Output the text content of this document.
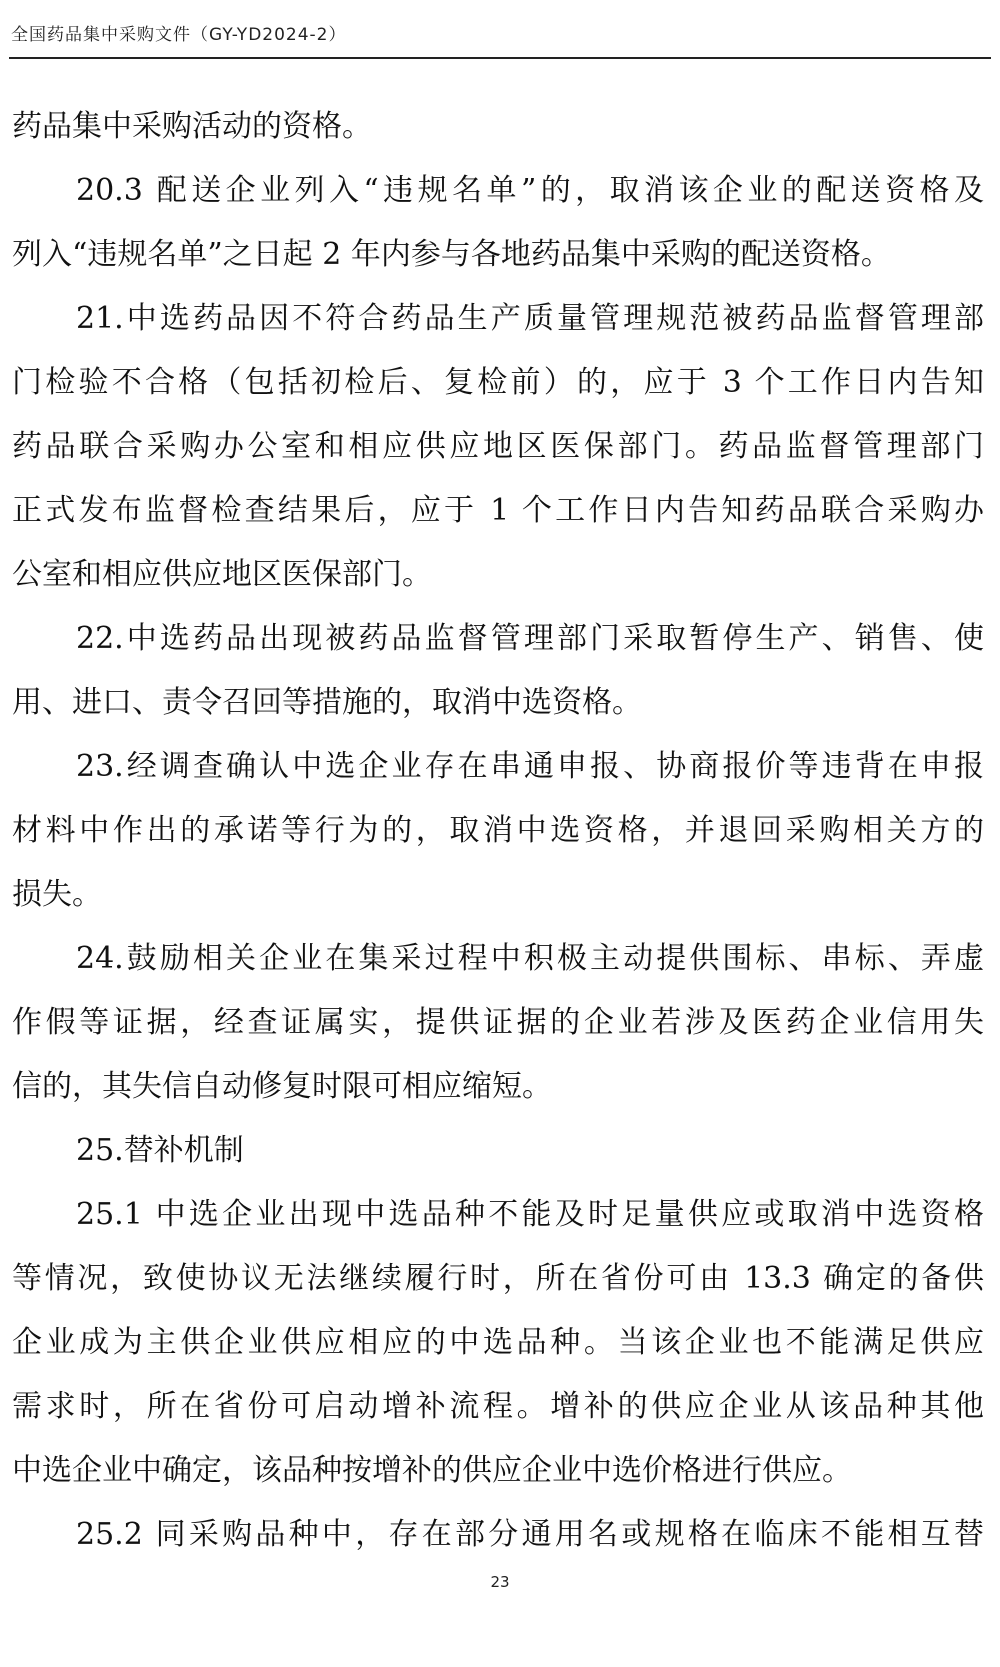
全国药品集中采购文件（GY-YD2024-2）
药品集中采购活动的资格。
20.3 配送企业列入“违规名单”的，取消该企业的配送资格及
列入“违规名单”之日起 2 年内参与各地药品集中采购的配送资格。
21.中选药品因不符合药品生产质量管理规范被药品监督管理部
门检验不合格（包括初检后、复检前）的，应于 3 个工作日内告知
药品联合采购办公室和相应供应地区医保部门。药品监督管理部门
正式发布监督检查结果后，应于 1 个工作日内告知药品联合采购办
公室和相应供应地区医保部门。
22.中选药品出现被药品监督管理部门采取暂停生产、销售、使
用、进口、责令召回等措施的，取消中选资格。
23.经调查确认中选企业存在串通申报、协商报价等违背在申报
材料中作出的承诺等行为的，取消中选资格，并退回采购相关方的
损失。
24.鼓励相关企业在集采过程中积极主动提供围标、串标、弄虚
作假等证据，经查证属实，提供证据的企业若涉及医药企业信用失
信的，其失信自动修复时限可相应缩短。
25.替补机制
25.1 中选企业出现中选品种不能及时足量供应或取消中选资格
等情况，致使协议无法继续履行时，所在省份可由 13.3 确定的备供
企业成为主供企业供应相应的中选品种。当该企业也不能满足供应
需求时，所在省份可启动增补流程。增补的供应企业从该品种其他
中选企业中确定，该品种按增补的供应企业中选价格进行供应。
25.2 同采购品种中，存在部分通用名或规格在临床不能相互替
23
